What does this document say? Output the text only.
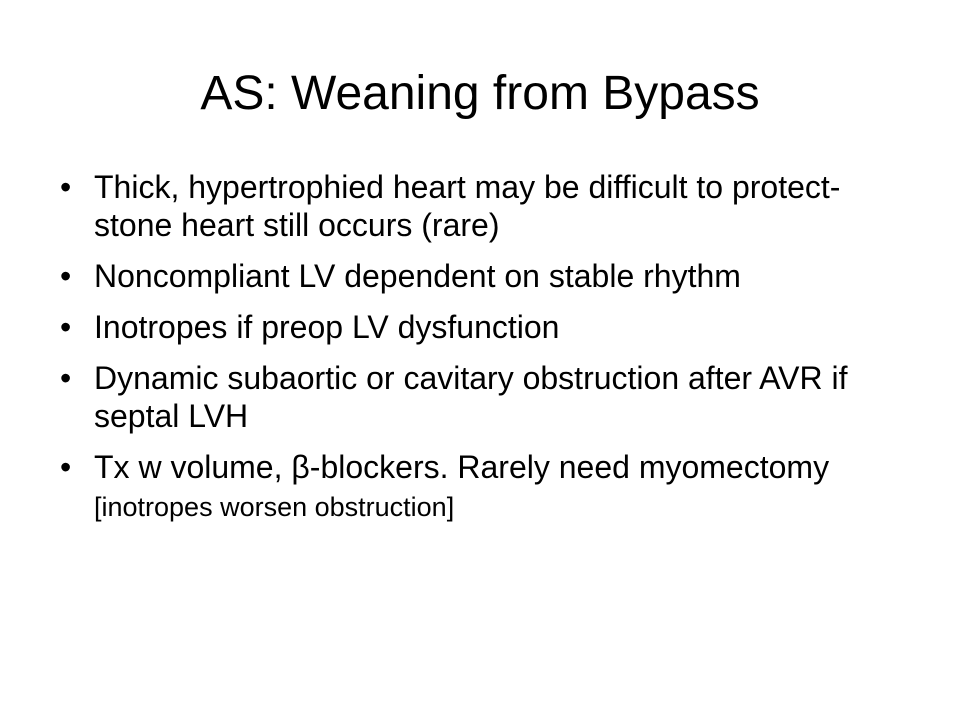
AS: Weaning from Bypass
• Thick, hypertrophied heart may be difficult to protect- stone heart still occurs (rare)
• Noncompliant LV dependent on stable rhythm
• Inotropes if preop LV dysfunction
• Dynamic subaortic or cavitary obstruction after AVR if septal LVH
• Tx w volume, β-blockers. Rarely need myomectomy [inotropes worsen obstruction]
